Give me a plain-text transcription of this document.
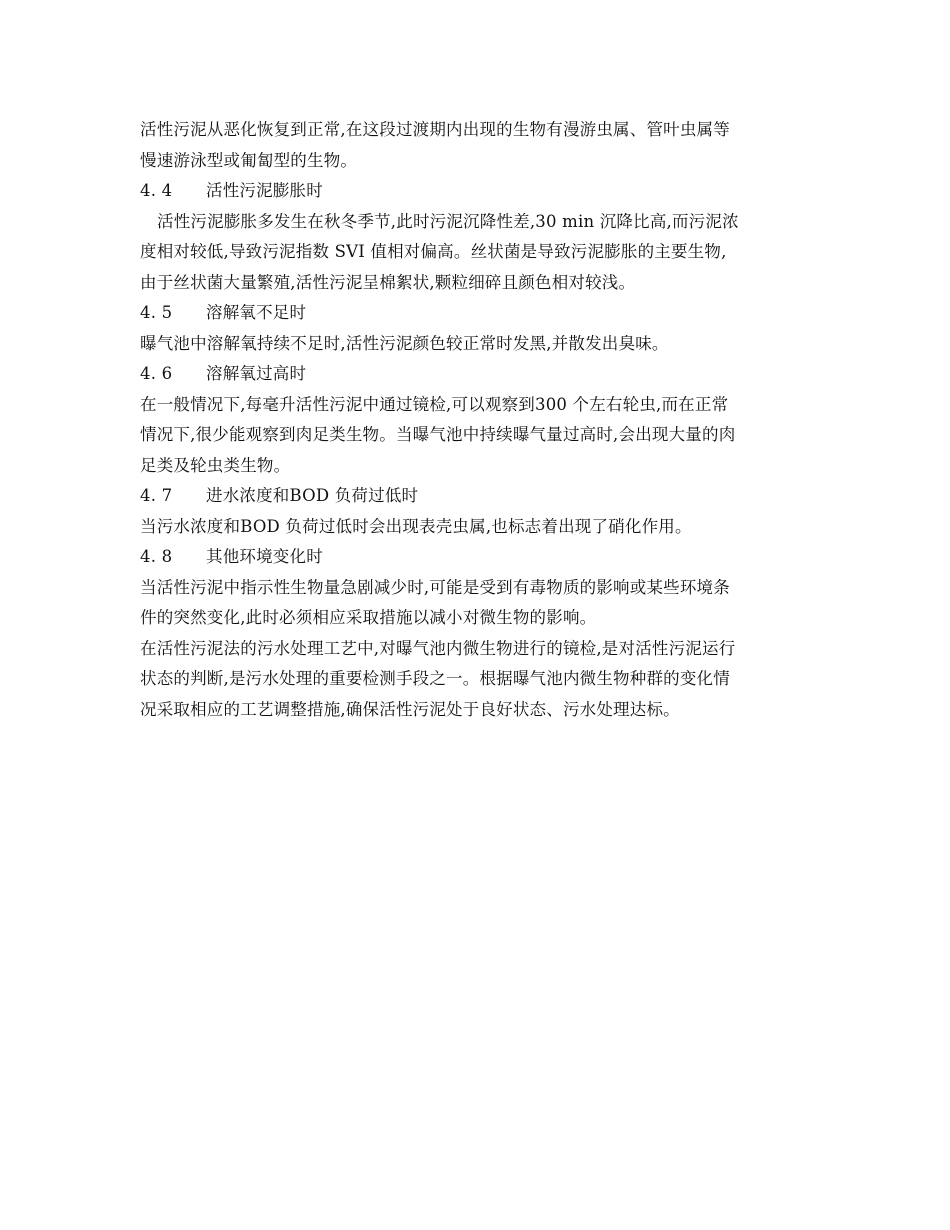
活性污泥从恶化恢复到正常,在这段过渡期内出现的生物有漫游虫属、管叶虫属等
慢速游泳型或匍匐型的生物。
4. 4	活性污泥膨胀时
活性污泥膨胀多发生在秋冬季节,此时污泥沉降性差,30 min 沉降比高,而污泥浓
度相对较低,导致污泥指数 SVI 值相对偏高。丝状菌是导致污泥膨胀的主要生物,
由于丝状菌大量繁殖,活性污泥呈棉絮状,颗粒细碎且颜色相对较浅。
4. 5	溶解氧不足时
曝气池中溶解氧持续不足时,活性污泥颜色较正常时发黑,并散发出臭味。
4. 6	溶解氧过高时
在一般情况下,每毫升活性污泥中通过镜检,可以观察到300 个左右轮虫,而在正常
情况下,很少能观察到肉足类生物。当曝气池中持续曝气量过高时,会出现大量的肉
足类及轮虫类生物。
4. 7	进水浓度和BOD 负荷过低时
当污水浓度和BOD 负荷过低时会出现表壳虫属,也标志着出现了硝化作用。
4. 8	其他环境变化时
当活性污泥中指示性生物量急剧减少时,可能是受到有毒物质的影响或某些环境条
件的突然变化,此时必须相应采取措施以减小对微生物的影响。
在活性污泥法的污水处理工艺中,对曝气池内微生物进行的镜检,是对活性污泥运行
状态的判断,是污水处理的重要检测手段之一。根据曝气池内微生物种群的变化情
况采取相应的工艺调整措施,确保活性污泥处于良好状态、污水处理达标。
